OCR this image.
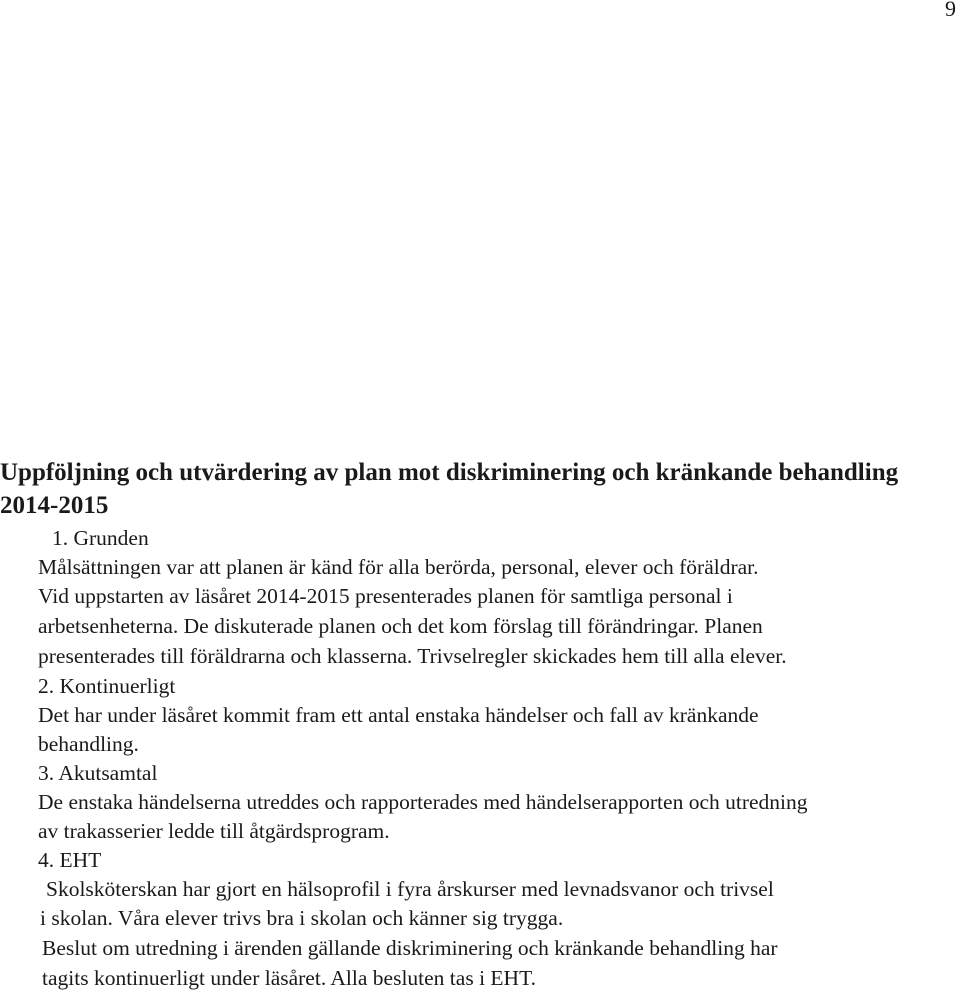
9
Uppföljning och utvärdering av plan mot diskriminering och kränkande behandling 2014-2015
1. Grunden
Målsättningen var att planen är känd för alla berörda, personal, elever och föräldrar.
Vid uppstarten av läsåret 2014-2015 presenterades planen för samtliga personal i
arbetsenheterna. De diskuterade planen och det kom förslag till förändringar. Planen
presenterades till föräldrarna och klasserna. Trivselregler skickades hem till alla elever.
2. Kontinuerligt
Det har under läsåret kommit fram ett antal enstaka händelser och fall av kränkande
behandling.
3. Akutsamtal
De enstaka händelserna utreddes och rapporterades med händelserapporten och utredning
av trakasserier ledde till åtgärdsprogram.
4. EHT
Skolsköterskan har gjort en hälsoprofil i fyra årskurser med levnadsvanor och trivsel
i skolan. Våra elever trivs bra i skolan och känner sig trygga.
Beslut om utredning i ärenden gällande diskriminering och kränkande behandling har
tagits kontinuerligt under läsåret. Alla besluten tas i EHT.
